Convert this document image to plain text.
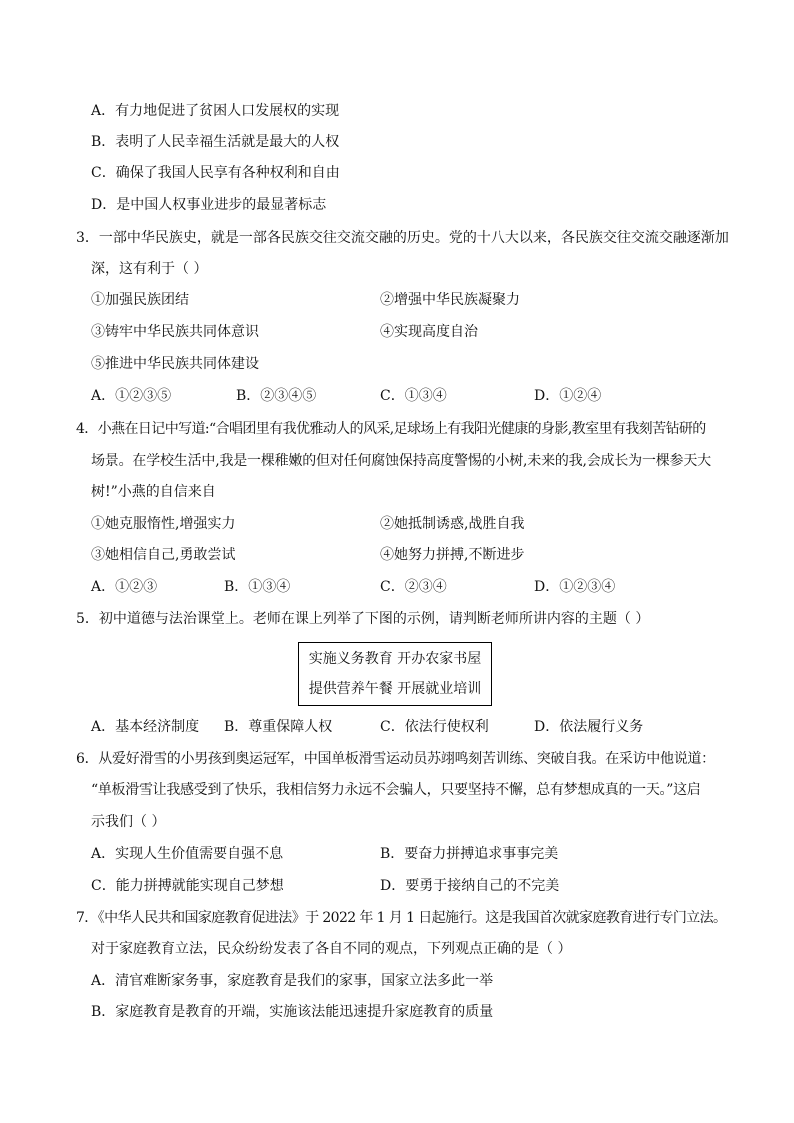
A．有力地促进了贫困人口发展权的实现
B．表明了人民幸福生活就是最大的人权
C．确保了我国人民享有各种权利和自由
D．是中国人权事业进步的最显著标志
3．一部中华民族史，就是一部各民族交往交流交融的历史。党的十八大以来，各民族交往交流交融逐渐加
深，这有利于（ ）
①加强民族团结	②增强中华民族凝聚力
③铸牢中华民族共同体意识	④实现高度自治
⑤推进中华民族共同体建设
A．①②③⑤	B．②③④⑤	C．①③④	D．①②④
4．小燕在日记中写道:“合唱团里有我优雅动人的风采,足球场上有我阳光健康的身影,教室里有我刻苦钻研的
场景。在学校生活中,我是一棵稚嫩的但对任何腐蚀保持高度警惕的小树,未来的我,会成长为一棵参天大
树!”小燕的自信来自
①她克服惰性,增强实力	②她抵制诱惑,战胜自我
③她相信自己,勇敢尝试	④她努力拼搏,不断进步
A．①②③	B．①③④	C．②③④	D．①②③④
5．初中道德与法治课堂上。老师在课上列举了下图的示例，请判断老师所讲内容的主题（ ）
实施义务教育 开办农家书屋
提供营养午餐 开展就业培训
A．基本经济制度 B．尊重保障人权	C．依法行使权利	D．依法履行义务
6．从爱好滑雪的小男孩到奥运冠军，中国单板滑雪运动员苏翊鸣刻苦训练、突破自我。在采访中他说道：
“单板滑雪让我感受到了快乐，我相信努力永远不会骗人，只要坚持不懈，总有梦想成真的一天。”这启
示我们（ ）
A．实现人生价值需要自强不息	B．要奋力拼搏追求事事完美
C．能力拼搏就能实现自己梦想	D．要勇于接纳自己的不完美
7．《中华人民共和国家庭教育促进法》于 2022 年 1 月 1 日起施行。这是我国首次就家庭教育进行专门立法。
对于家庭教育立法，民众纷纷发表了各自不同的观点，下列观点正确的是（ ）
A．清官难断家务事，家庭教育是我们的家事，国家立法多此一举
B．家庭教育是教育的开端，实施该法能迅速提升家庭教育的质量
